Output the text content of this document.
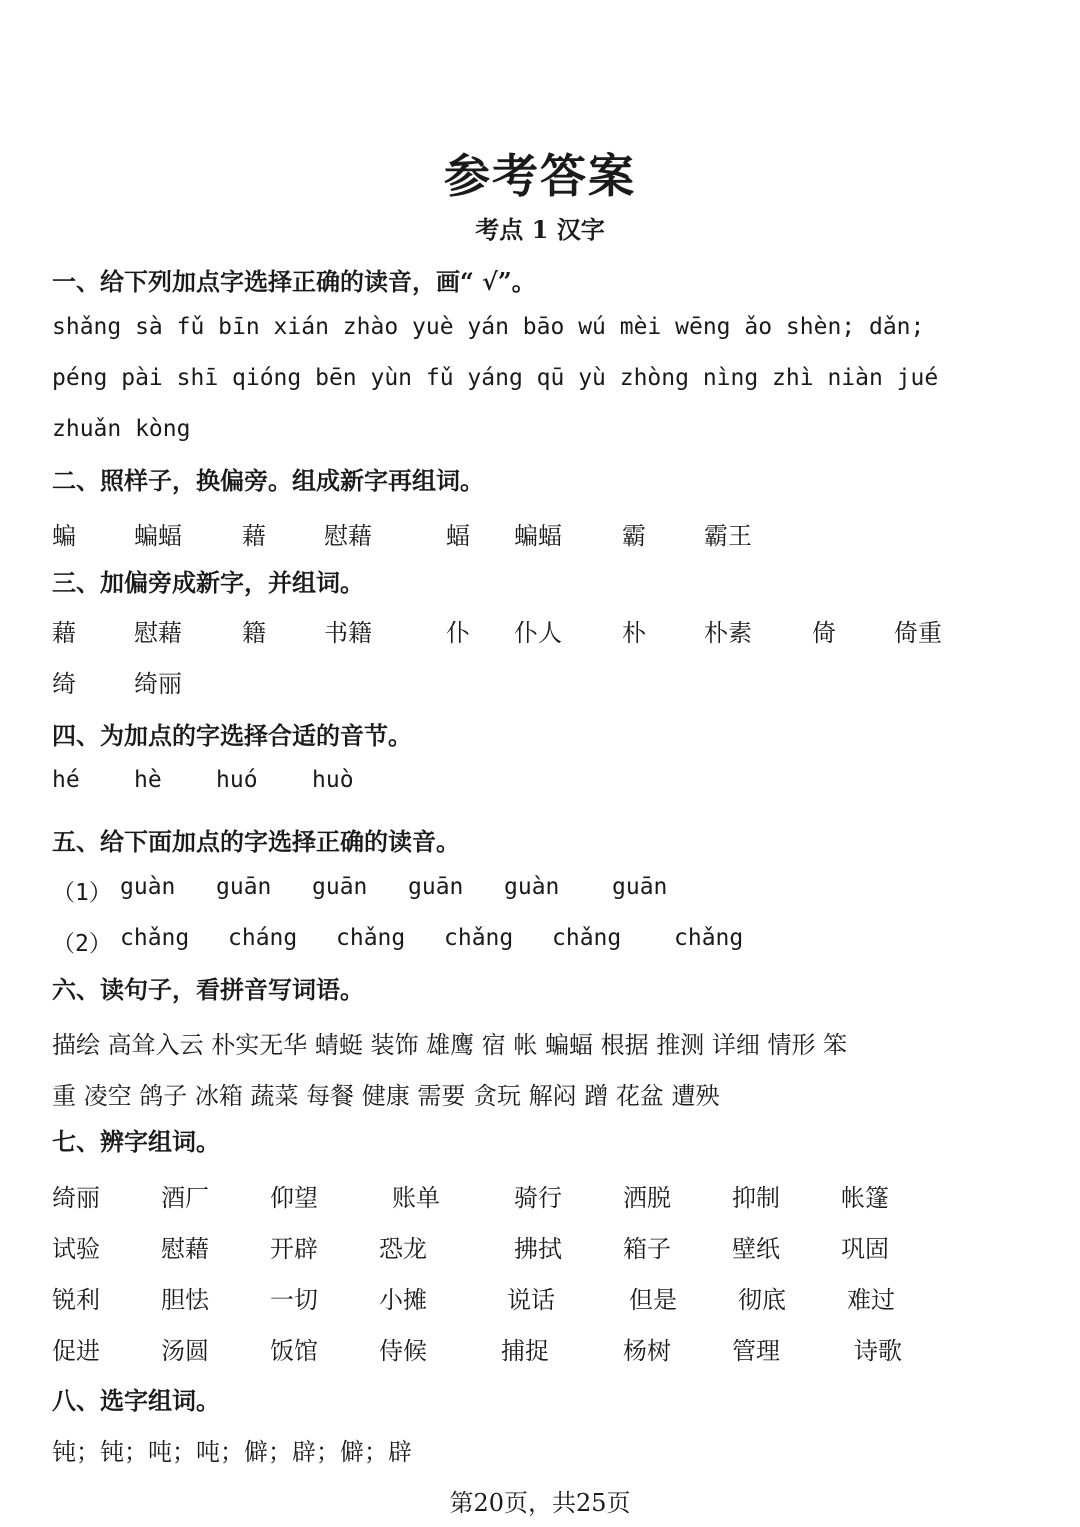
参考答案
考点 1 汉字
一、给下列加点字选择正确的读音，画“ √”。
shǎng sà fǔ bīn xián zhào yuè yán bāo wú mèi wēng ǎo shèn; dǎn;
péng pài shī qióng bēn yùn fǔ yáng qū yù zhòng nìng zhì niàn jué
zhuǎn kòng
二、照样子，换偏旁。组成新字再组词。
蝙 蝙蝠	藉 慰藉	蝠 蝙蝠	霸 霸王
三、加偏旁成新字，并组词。
藉 慰藉	籍 书籍	仆 仆人	朴 朴素	倚 倚重
绮 绮丽
四、为加点的字选择合适的音节。
hé hè huó huò
五、给下面加点的字选择正确的读音。
（1） guàn guān guān guān guàn guān
（2） chǎng cháng chǎng chǎng chǎng chǎng
六、读句子，看拼音写词语。
描绘 高耸入云 朴实无华 蜻蜓 装饰 雄鹰 宿 帐 蝙蝠 根据 推测 详细 情形 笨
重 凌空 鸽子 冰箱 蔬菜 每餐 健康 需要 贪玩 解闷 蹭 花盆 遭殃
七、辨字组词。
绮丽	酒厂	仰望	账单	骑行	洒脱	抑制	帐篷
试验	慰藉	开辟	恐龙	拂拭	箱子	壁纸	巩固
锐利	胆怯	一切	小摊	说话	但是	彻底	难过
促进	汤圆	饭馆	侍候	捕捉	杨树	管理	诗歌
八、选字组词。
钝；钝；吨；吨；僻；辟；僻；辟
第20页，共25页
